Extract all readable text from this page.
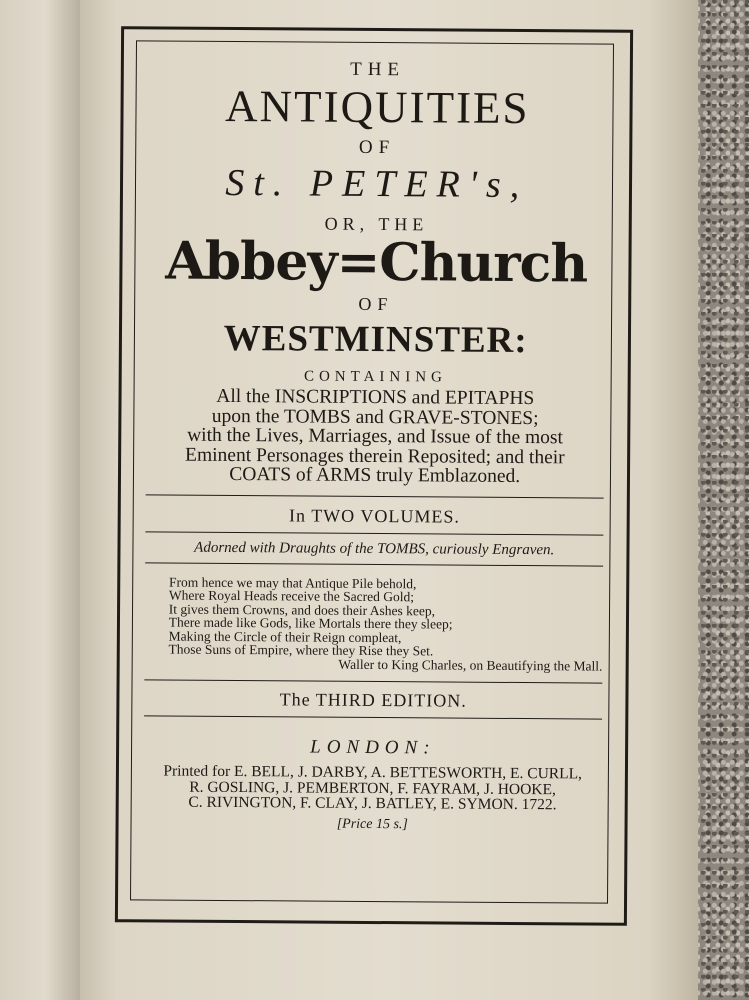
THE
ANTIQUITIES
OF
St. PETER's,
OR, THE
Abbey=Church
OF
WESTMINSTER:
CONTAINING
All the INSCRIPTIONS and EPITAPHS
upon the TOMBS and GRAVE-STONES;
with the Lives, Marriages, and Issue of the most
Eminent Personages therein Reposited; and their
COATS of ARMS truly Emblazoned.
In TWO VOLUMES.
Adorned with Draughts of the TOMBS, curiously Engraven.
From hence we may that Antique Pile behold,
Where Royal Heads receive the Sacred Gold;
It gives them Crowns, and does their Ashes keep,
There made like Gods, like Mortals there they sleep;
Making the Circle of their Reign compleat,
Those Suns of Empire, where they Rise they Set.
Waller to King Charles, on Beautifying the Mall.
The THIRD EDITION.
LONDON:
Printed for E. BELL, J. DARBY, A. BETTESWORTH, E. CURLL,
R. GOSLING, J. PEMBERTON, F. FAYRAM, J. HOOKE,
C. RIVINGTON, F. CLAY, J. BATLEY, E. SYMON. 1722.
[Price 15 s.]
